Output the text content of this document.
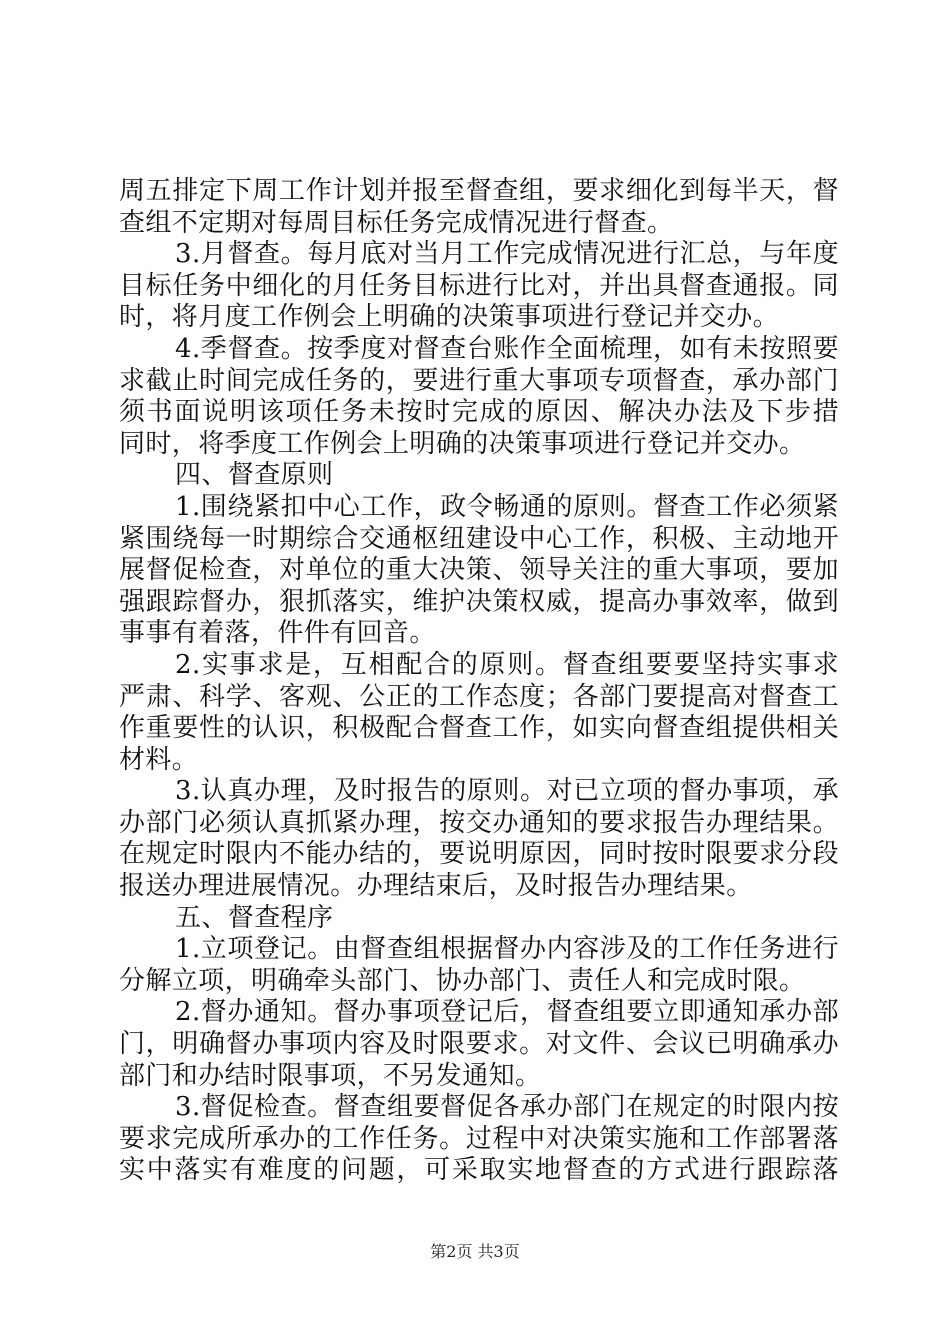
周五排定下周工作计划并报至督查组，要求细化到每半天，督
查组不定期对每周目标任务完成情况进行督查。
3.月督查。每月底对当月工作完成情况进行汇总，与年度
目标任务中细化的月任务目标进行比对，并出具督查通报。同
时，将月度工作例会上明确的决策事项进行登记并交办。
4.季督查。按季度对督查台账作全面梳理，如有未按照要
求截止时间完成任务的，要进行重大事项专项督查，承办部门
须书面说明该项任务未按时完成的原因、解决办法及下步措
同时，将季度工作例会上明确的决策事项进行登记并交办。
四、督查原则
1.围绕紧扣中心工作，政令畅通的原则。督查工作必须紧
紧围绕每一时期综合交通枢纽建设中心工作，积极、主动地开
展督促检查，对单位的重大决策、领导关注的重大事项，要加
强跟踪督办，狠抓落实，维护决策权威，提高办事效率，做到
事事有着落，件件有回音。
2.实事求是，互相配合的原则。督查组要要坚持实事求
严肃、科学、客观、公正的工作态度；各部门要提高对督查工
作重要性的认识，积极配合督查工作，如实向督查组提供相关
材料。
3.认真办理，及时报告的原则。对已立项的督办事项，承
办部门必须认真抓紧办理，按交办通知的要求报告办理结果。
在规定时限内不能办结的，要说明原因，同时按时限要求分段
报送办理进展情况。办理结束后，及时报告办理结果。
五、督查程序
1.立项登记。由督查组根据督办内容涉及的工作任务进行
分解立项，明确牵头部门、协办部门、责任人和完成时限。
2.督办通知。督办事项登记后，督查组要立即通知承办部
门，明确督办事项内容及时限要求。对文件、会议已明确承办
部门和办结时限事项，不另发通知。
3.督促检查。督查组要督促各承办部门在规定的时限内按
要求完成所承办的工作任务。过程中对决策实施和工作部署落
实中落实有难度的问题，可采取实地督查的方式进行跟踪落
第2页 共3页
